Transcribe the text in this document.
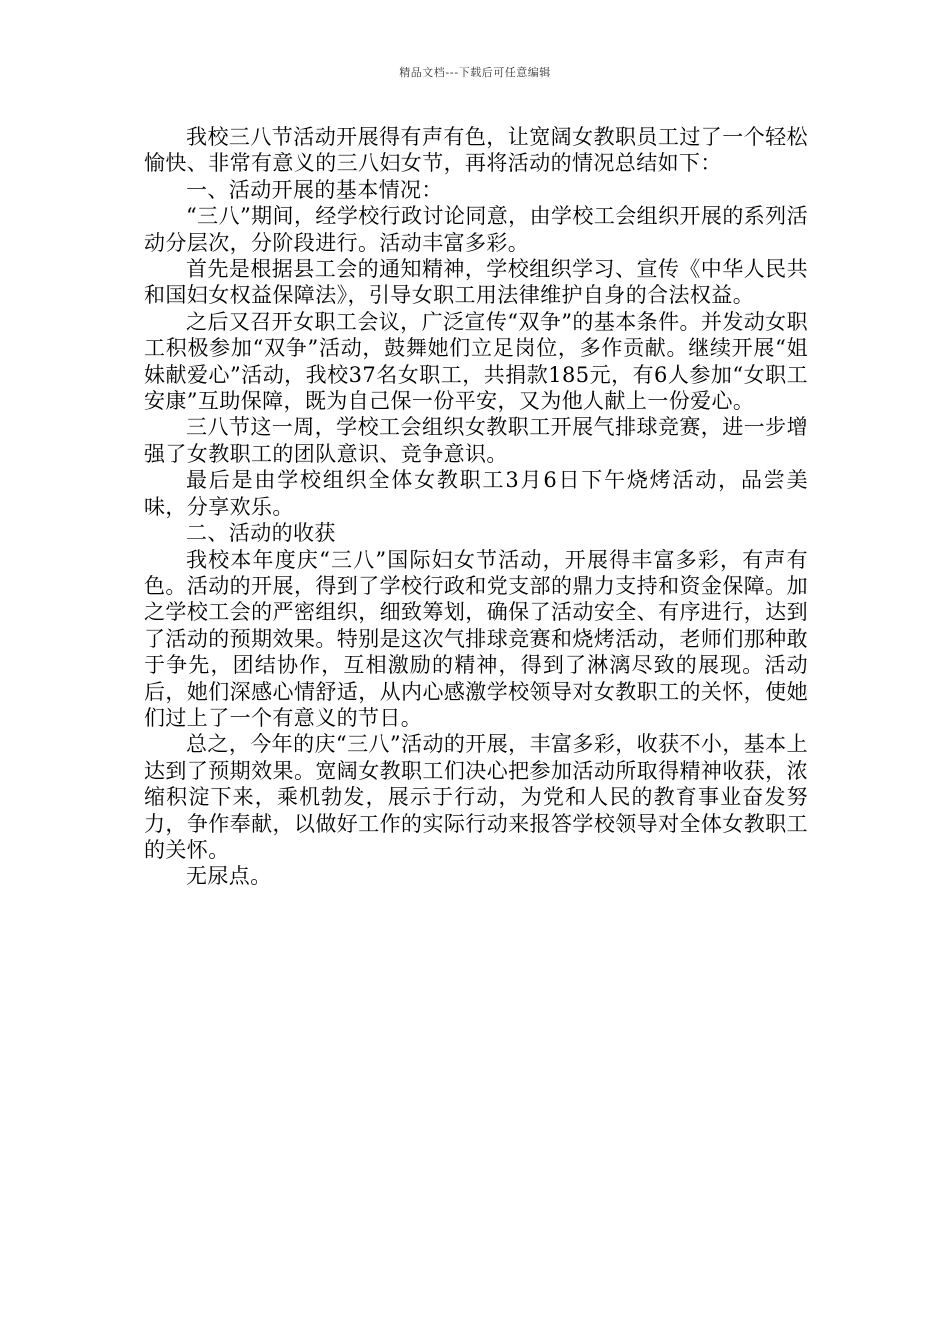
精品文档---下载后可任意编辑

我校三八节活动开展得有声有色，让宽阔女教职员工过了一个轻松愉快、非常有意义的三八妇女节，再将活动的情况总结如下：

一、活动开展的基本情况：

“三八”期间，经学校行政讨论同意，由学校工会组织开展的系列活动分层次，分阶段进行。活动丰富多彩。

首先是根据县工会的通知精神，学校组织学习、宣传《中华人民共和国妇女权益保障法》，引导女职工用法律维护自身的合法权益。

之后又召开女职工会议，广泛宣传“双争”的基本条件。并发动女职工积极参加“双争”活动，鼓舞她们立足岗位，多作贡献。继续开展“姐妹献爱心”活动，我校37名女职工，共捐款185元，有6人参加“女职工安康”互助保障，既为自己保一份平安，又为他人献上一份爱心。

三八节这一周，学校工会组织女教职工开展气排球竞赛，进一步增强了女教职工的团队意识、竞争意识。

最后是由学校组织全体女教职工3月6日下午烧烤活动，品尝美味，分享欢乐。

二、活动的收获

我校本年度庆“三八”国际妇女节活动，开展得丰富多彩，有声有色。活动的开展，得到了学校行政和党支部的鼎力支持和资金保障。加之学校工会的严密组织，细致筹划，确保了活动安全、有序进行，达到了活动的预期效果。特别是这次气排球竞赛和烧烤活动，老师们那种敢于争先，团结协作，互相激励的精神，得到了淋漓尽致的展现。活动后，她们深感心情舒适，从内心感激学校领导对女教职工的关怀，使她们过上了一个有意义的节日。

总之，今年的庆“三八”活动的开展，丰富多彩，收获不小，基本上达到了预期效果。宽阔女教职工们决心把参加活动所取得精神收获，浓缩积淀下来，乘机勃发，展示于行动，为党和人民的教育事业奋发努力，争作奉献，以做好工作的实际行动来报答学校领导对全体女教职工的关怀。

无尿点。
